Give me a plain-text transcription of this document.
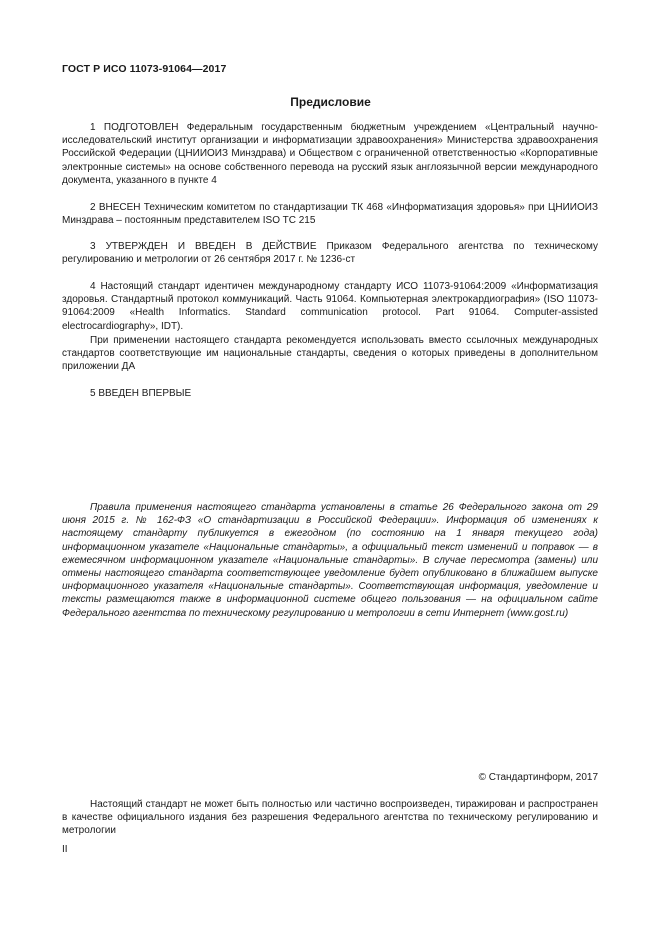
ГОСТ Р ИСО 11073-91064—2017
Предисловие

1 ПОДГОТОВЛЕН Федеральным государственным бюджетным учреждением «Центральный научно-исследовательский институт организации и информатизации здравоохранения» Министерства здравоохранения Российской Федерации (ЦНИИОИЗ Минздрава) и Обществом с ограниченной ответственностью «Корпоративные электронные системы» на основе собственного перевода на русский язык англоязычной версии международного документа, указанного в пункте 4

2 ВНЕСЕН Техническим комитетом по стандартизации ТК 468 «Информатизация здоровья» при ЦНИИОИЗ Минздрава – постоянным представителем ISO TC 215

3 УТВЕРЖДЕН И ВВЕДЕН В ДЕЙСТВИЕ Приказом Федерального агентства по техническому регулированию и метрологии от 26 сентября 2017 г. № 1236-ст

4 Настоящий стандарт идентичен международному стандарту ИСО 11073-91064:2009 «Информатизация здоровья. Стандартный протокол коммуникаций. Часть 91064. Компьютерная электрокардиография» (ISO 11073-91064:2009 «Health Informatics. Standard communication protocol. Part 91064. Computer-assisted electrocardiography», IDT).

При применении настоящего стандарта рекомендуется использовать вместо ссылочных международных стандартов соответствующие им национальные стандарты, сведения о которых приведены в дополнительном приложении ДА

5 ВВЕДЕН ВПЕРВЫЕ

Правила применения настоящего стандарта установлены в статье 26 Федерального закона от 29 июня 2015 г. № 162-ФЗ «О стандартизации в Российской Федерации». Информация об изменениях к настоящему стандарту публикуется в ежегодном (по состоянию на 1 января текущего года) информационном указателе «Национальные стандарты», а официальный текст изменений и поправок — в ежемесячном информационном указателе «Национальные стандарты». В случае пересмотра (замены) или отмены настоящего стандарта соответствующее уведомление будет опубликовано в ближайшем выпуске информационного указателя «Национальные стандарты». Соответствующая информация, уведомление и тексты размещаются также в информационной системе общего пользования — на официальном сайте Федерального агентства по техническому регулированию и метрологии в сети Интернет (www.gost.ru)

© Стандартинформ, 2017

Настоящий стандарт не может быть полностью или частично воспроизведен, тиражирован и распространен в качестве официального издания без разрешения Федерального агентства по техническому регулированию и метрологии

II
